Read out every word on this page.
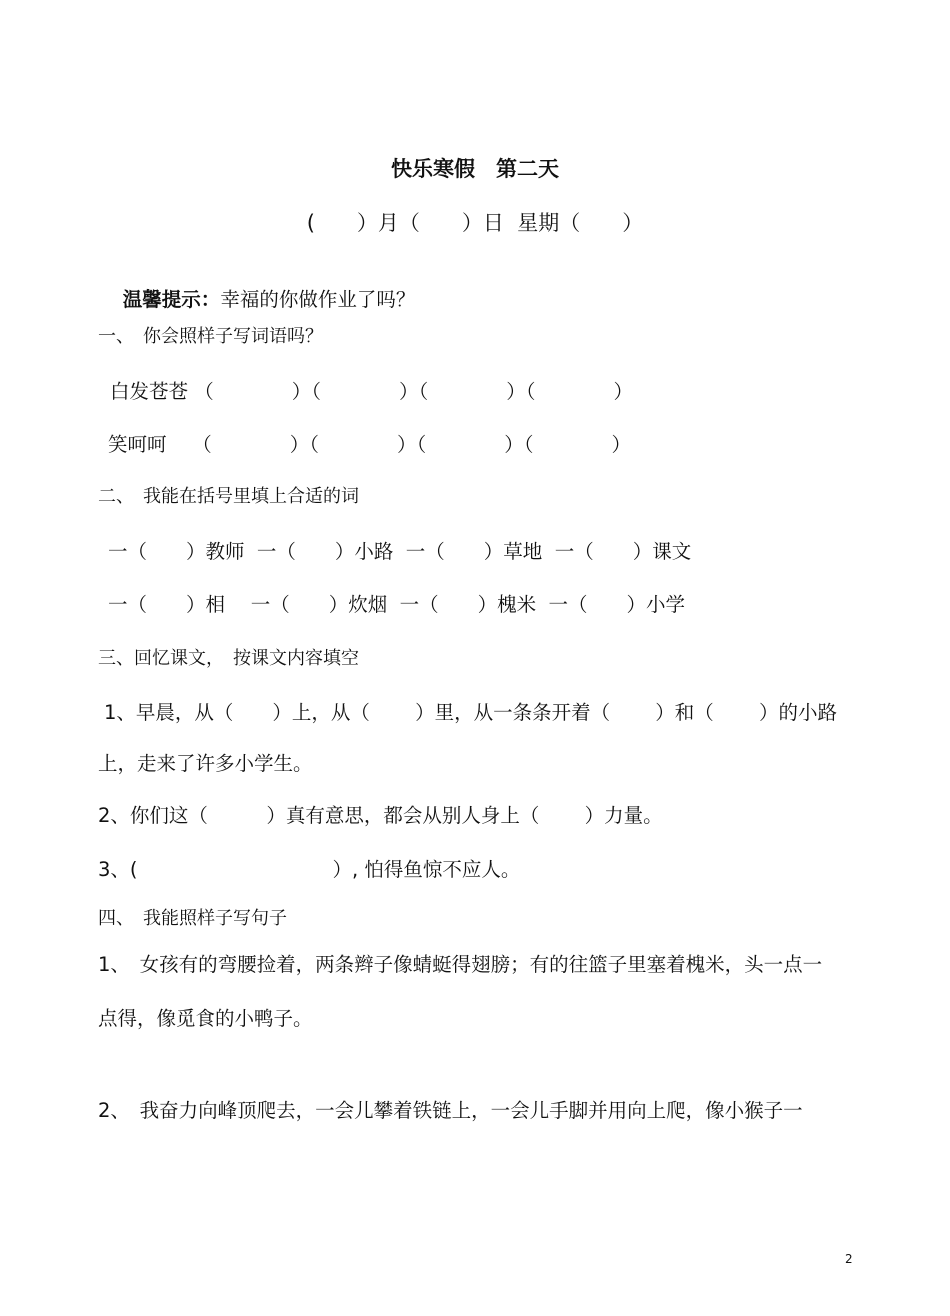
快乐寒假　第二天
(　　）月（　　）日  星期（　　）

温馨提示：幸福的你做作业了吗？

一、　你会照样子写词语吗？
白发苍苍 （　　　　）（　　　　）（　　　　）（　　　　）
笑呵呵　 （　　　　）（　　　　）（　　　　）（　　　　）
二、　我能在括号里填上合适的词
一（　　）教师  一（　　）小路  一（　　）草地  一（　　）课文
一（　　）相　 一（　　）炊烟  一（　　）槐米  一（　　）小学
三、回忆课文，　按课文内容填空
1、早晨，从（　　）上，从（　　 ）里，从一条条开着（　　 ）和（　　 ）的小路
上，走来了许多小学生。
2、你们这（　　　）真有意思，都会从别人身上（　　 ）力量。
3、(　　　　　　　　　　）, 怕得鱼惊不应人。
四、　我能照样子写句子
1、　女孩有的弯腰捡着，两条辫子像蜻蜓得翅膀；有的往篮子里塞着槐米，头一点一
点得，像觅食的小鸭子。
2、　我奋力向峰顶爬去，一会儿攀着铁链上，一会儿手脚并用向上爬，像小猴子一
2
